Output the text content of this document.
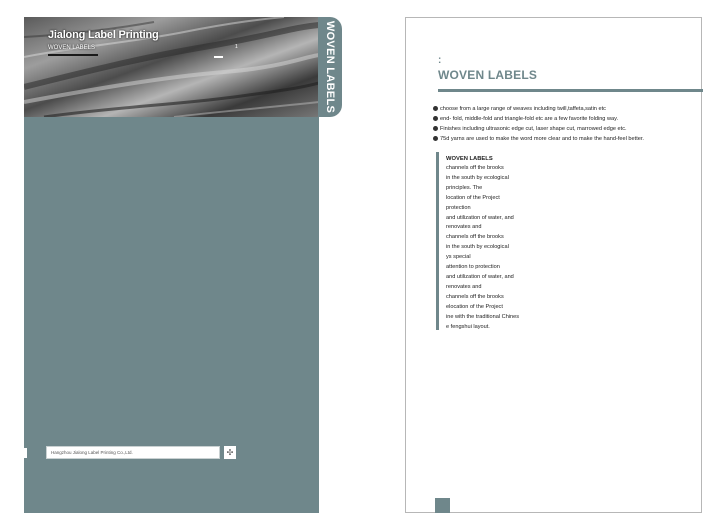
Jialong Label Printing
WOVEN LABELS	1	WOVEN LABELS
Hangzhou Jialong Label Printing Co.,Ltd.	✣
:
WOVEN LABELS
choose from a large range of weaves including twill,taffeta,satin etc
end- fold, middle-fold and triangle-fold etc are a few favorite folding way.
Finishes including ultrasonic edge cut, laser shape cut, marrowed edge etc.
75d yarns are used to make the word more clear and to make the hand-feel better.
WOVEN LABELS
channels off the brooks
in the south by ecological
principles. The
location of the Project
protection
and utilization of water, and
renovates and
channels off the brooks
in the south by ecological
ys special
attention to protection
and utilization of water, and
renovates and
channels off the brooks
elocation of the Project
ine with the traditional Chines
e fengshui layout.
